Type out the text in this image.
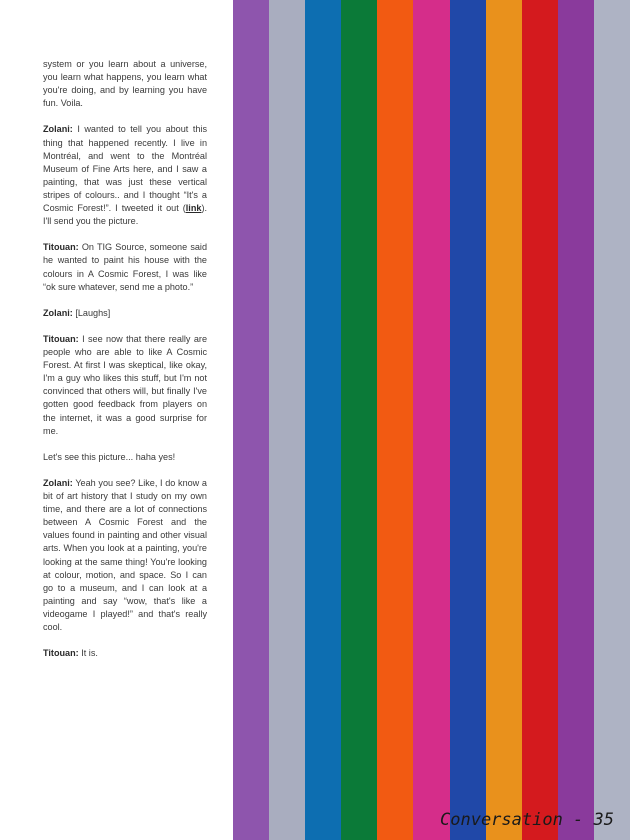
system or you learn about a universe, you learn what happens, you learn what you're doing, and by learning you have fun. Voila.

Zolani: I wanted to tell you about this thing that happened recently. I live in Montréal, and went to the Montréal Museum of Fine Arts here, and I saw a painting, that was just these vertical stripes of colours.. and I thought “It's a Cosmic Forest!”. I tweeted it out (link). I'll send you the picture.

Titouan: On TIG Source, someone said he wanted to paint his house with the colours in A Cosmic Forest, I was like “ok sure whatever, send me a photo.”

Zolani: [Laughs]

Titouan: I see now that there really are people who are able to like A Cosmic Forest. At first I was skeptical, like okay, I'm a guy who likes this stuff, but I'm not convinced that others will, but finally I've gotten good feedback from players on the internet, it was a good surprise for me.

Let's see this picture... haha yes!

Zolani: Yeah you see? Like, I do know a bit of art history that I study on my own time, and there are a lot of connections between A Cosmic Forest and the values found in painting and other visual arts. When you look at a painting, you're looking at the same thing! You're looking at colour, motion, and space. So I can go to a museum, and I can look at a painting and say “wow, that's like a videogame I played!” and that's really cool.

Titouan: It is.

Conversation - 35
